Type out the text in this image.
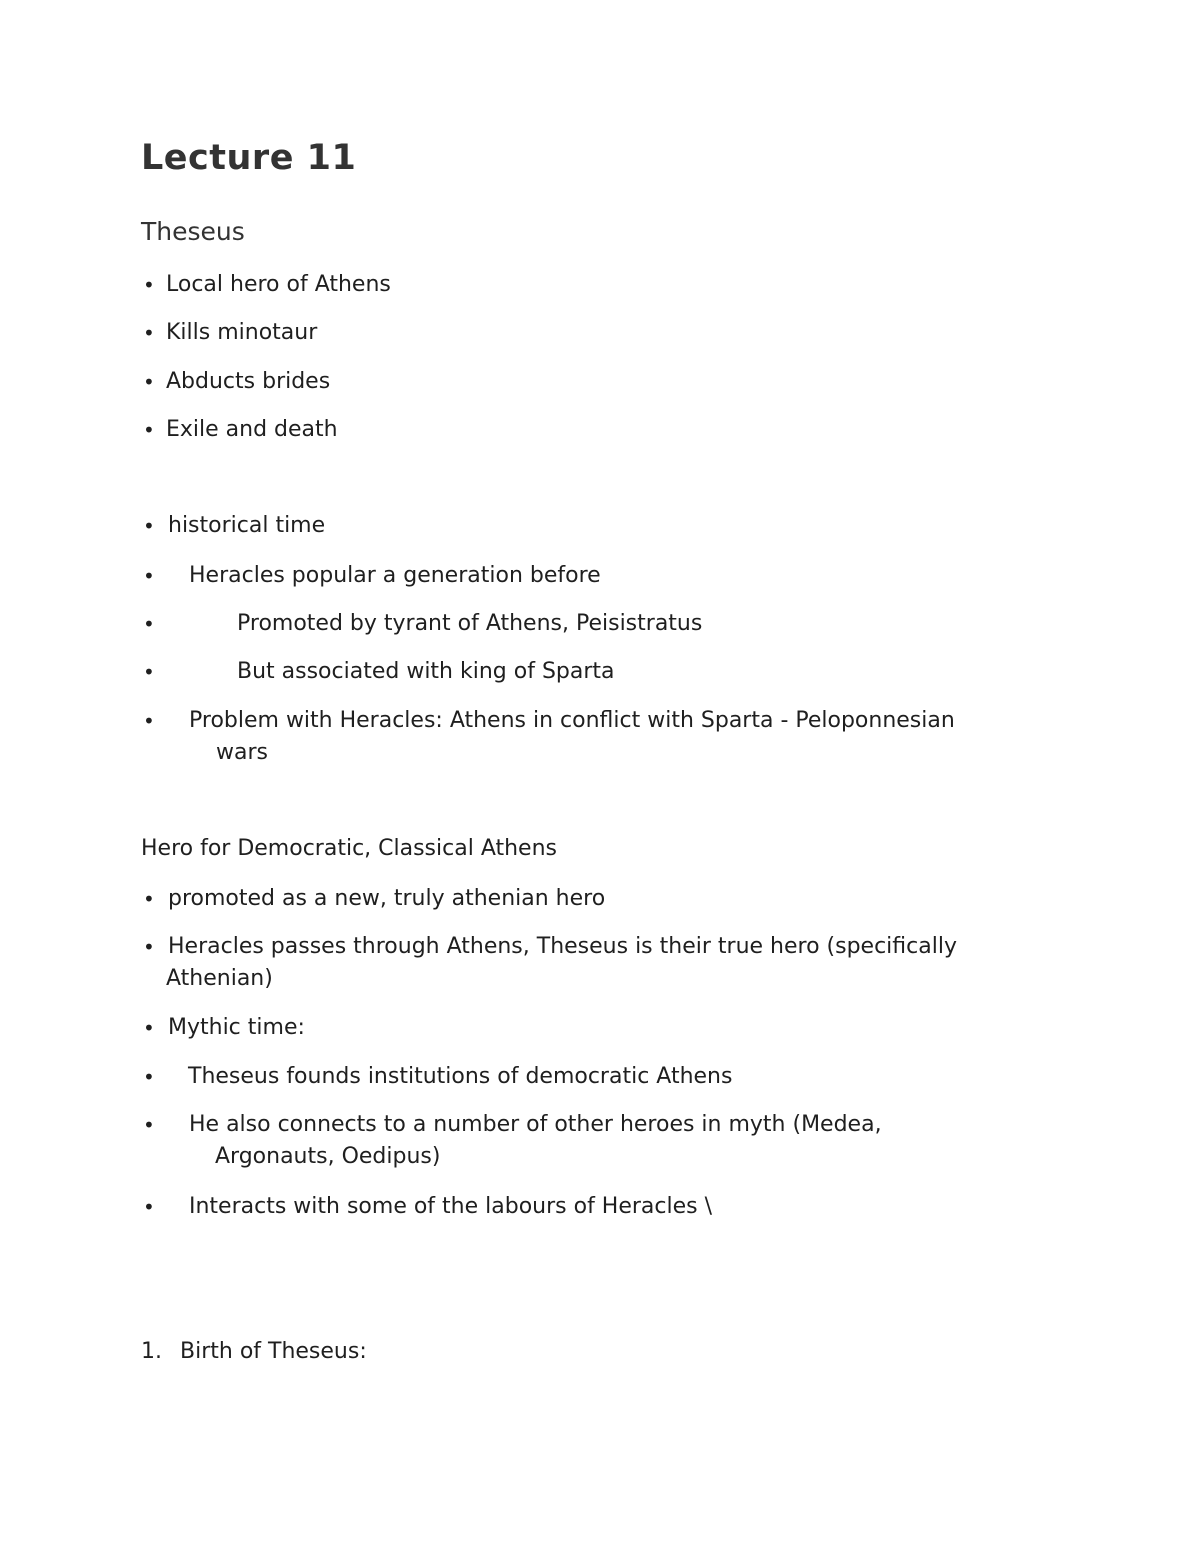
Lecture 11
Theseus
• Local hero of Athens
• Kills minotaur
• Abducts brides
• Exile and death
• historical time
• Heracles popular a generation before
•	Promoted by tyrant of Athens, Peisistratus
•	But associated with king of Sparta
• Problem with Heracles: Athens in conflict with Sparta - Peloponnesian
wars
Hero for Democratic, Classical Athens
• promoted as a new, truly athenian hero
• Heracles passes through Athens, Theseus is their true hero (specifically
Athenian)
• Mythic time:
• Theseus founds institutions of democratic Athens
• He also connects to a number of other heroes in myth (Medea,
Argonauts, Oedipus)
• Interacts with some of the labours of Heracles \
1. Birth of Theseus:
